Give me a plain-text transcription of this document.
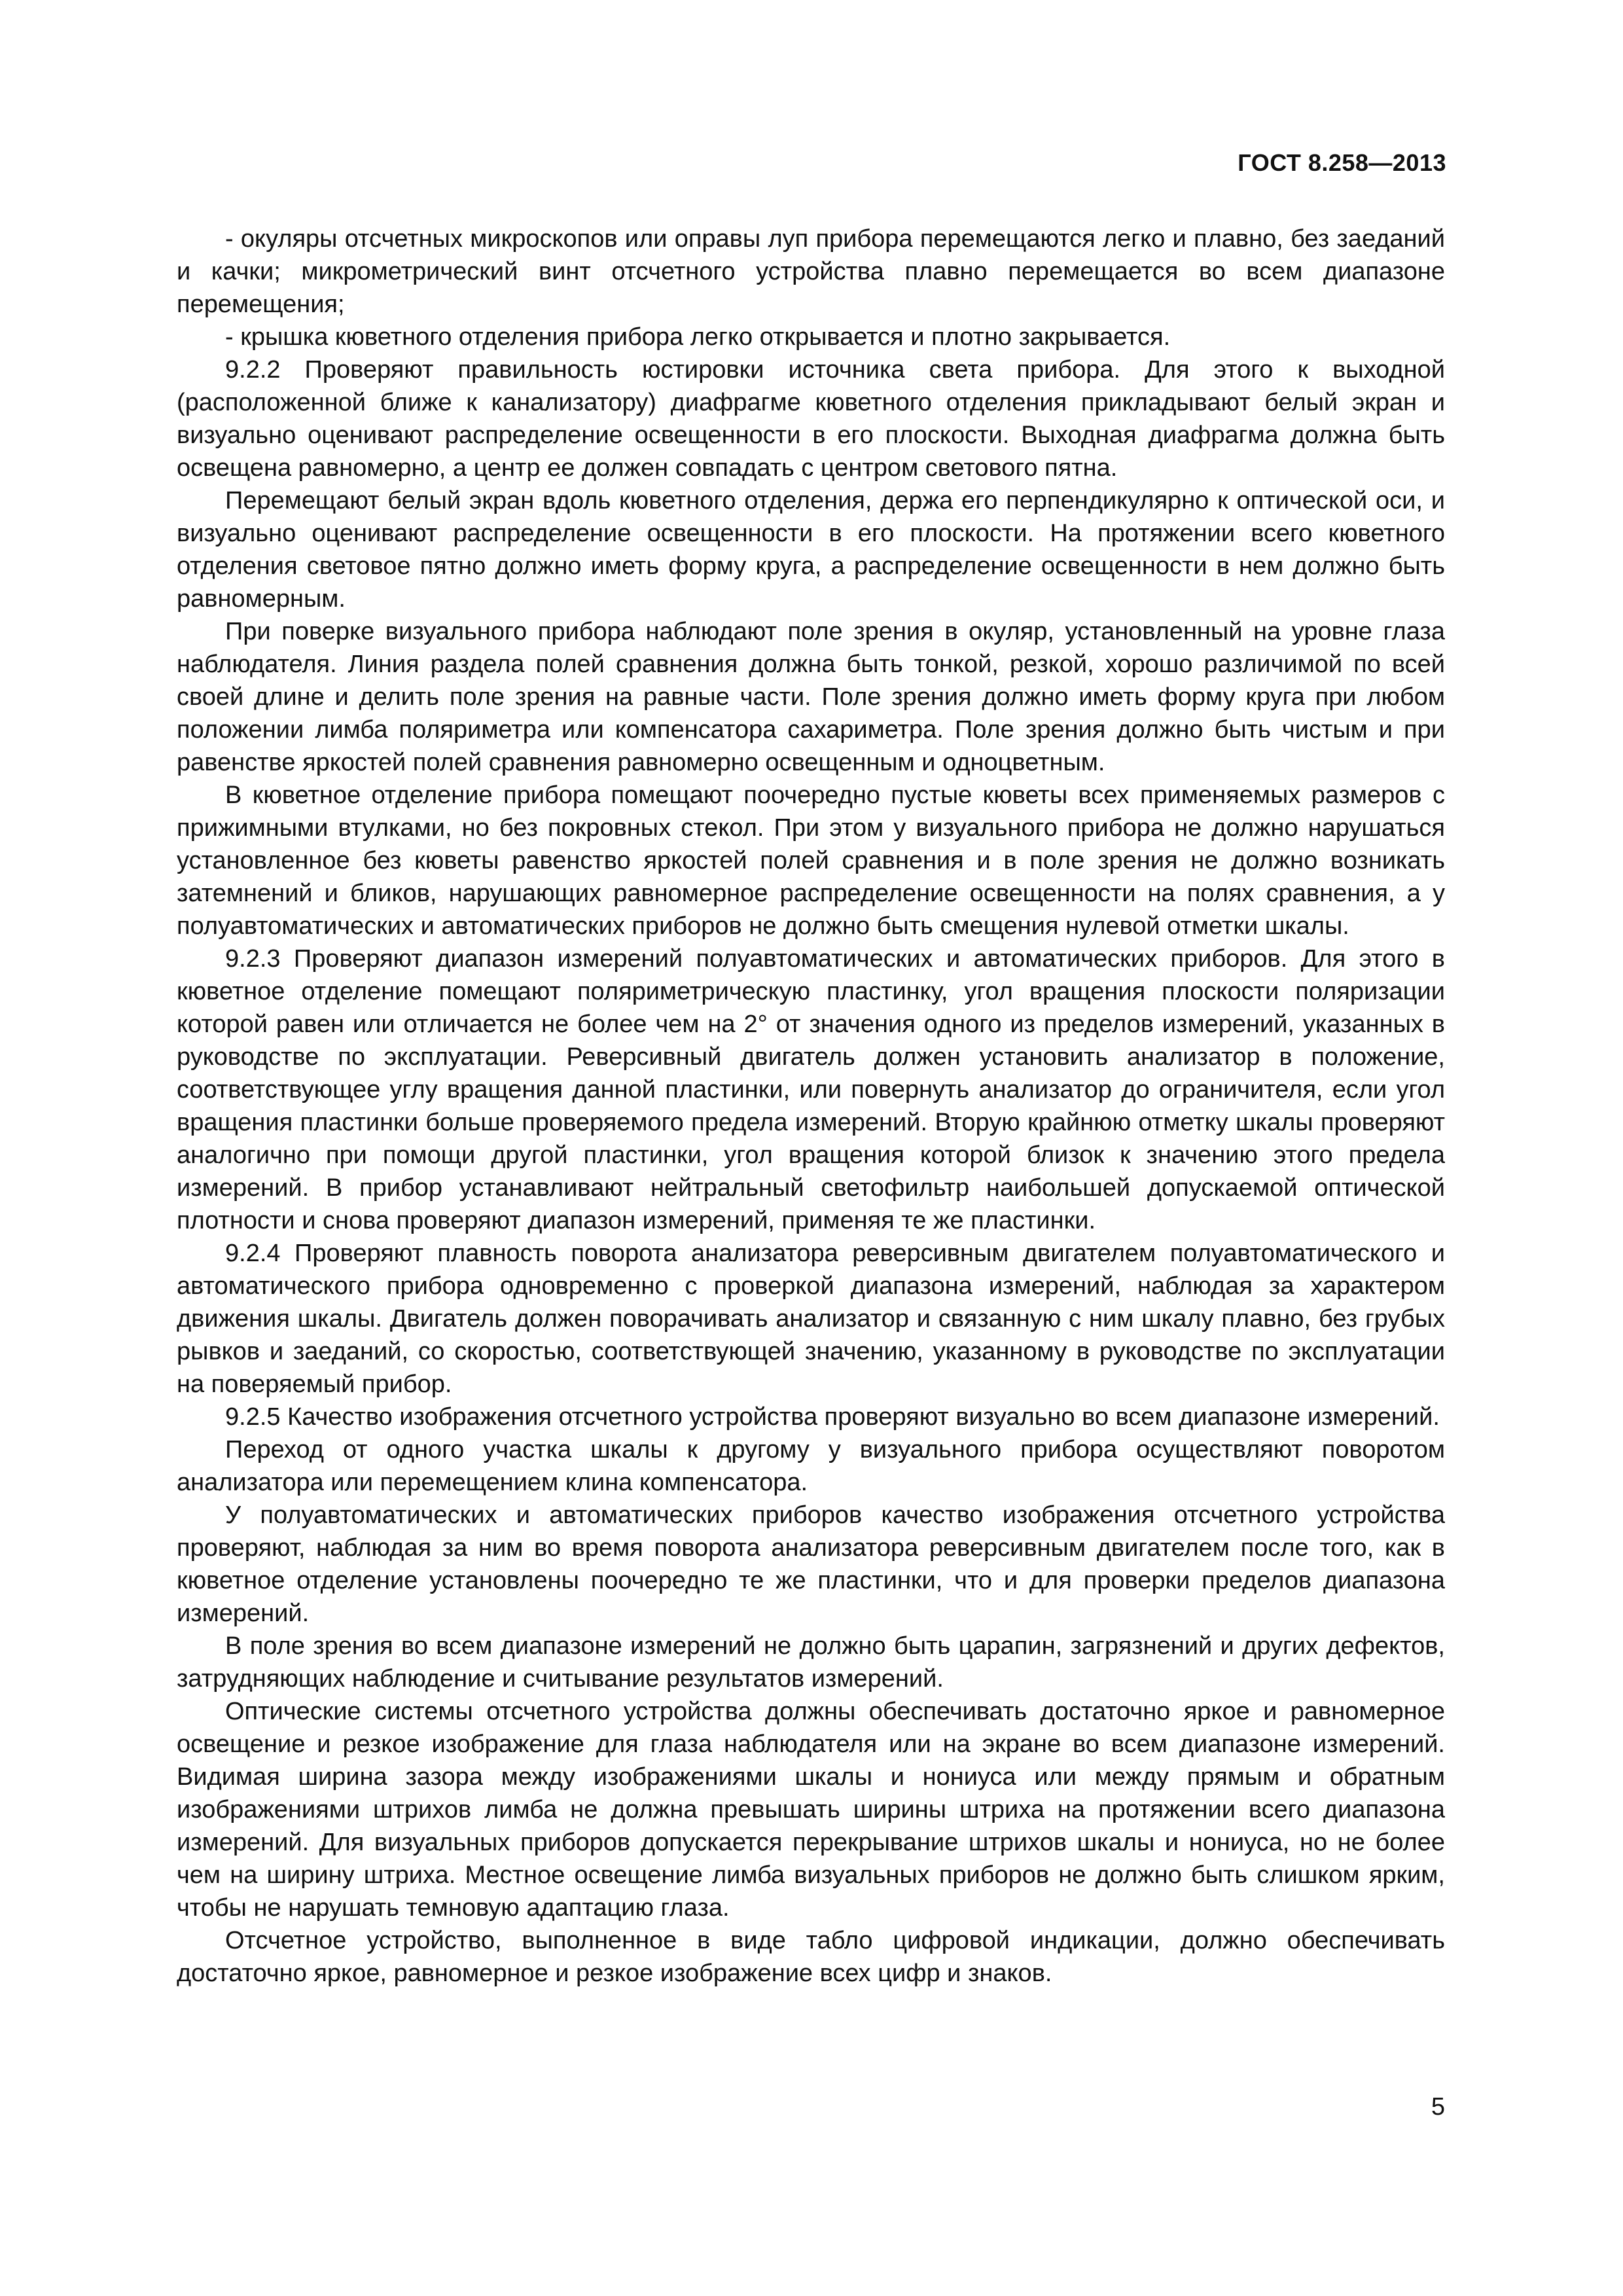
ГОСТ 8.258—2013

- окуляры отсчетных микроскопов или оправы луп прибора перемещаются легко и плавно, без заеданий и качки; микрометрический винт отсчетного устройства плавно перемещается во всем диапазоне перемещения;

- крышка кюветного отделения прибора легко открывается и плотно закрывается.

9.2.2 Проверяют правильность юстировки источника света прибора. Для этого к выходной (расположенной ближе к канализатору) диафрагме кюветного отделения прикладывают белый экран и визуально оценивают распределение освещенности в его плоскости. Выходная диафрагма должна быть освещена равномерно, а центр ее должен совпадать с центром светового пятна.

Перемещают белый экран вдоль кюветного отделения, держа его перпендикулярно к оптической оси, и визуально оценивают распределение освещенности в его плоскости. На протяжении всего кюветного отделения световое пятно должно иметь форму круга, а распределение освещенности в нем должно быть равномерным.

При поверке визуального прибора наблюдают поле зрения в окуляр, установленный на уровне глаза наблюдателя. Линия раздела полей сравнения должна быть тонкой, резкой, хорошо различимой по всей своей длине и делить поле зрения на равные части. Поле зрения должно иметь форму круга при любом положении лимба поляриметра или компенсатора сахариметра. Поле зрения должно быть чистым и при равенстве яркостей полей сравнения равномерно освещенным и одноцветным.

В кюветное отделение прибора помещают поочередно пустые кюветы всех применяемых размеров с прижимными втулками, но без покровных стекол. При этом у визуального прибора не должно нарушаться установленное без кюветы равенство яркостей полей сравнения и в поле зрения не должно возникать затемнений и бликов, нарушающих равномерное распределение освещенности на полях сравнения, а у полуавтоматических и автоматических приборов не должно быть смещения нулевой отметки шкалы.

9.2.3 Проверяют диапазон измерений полуавтоматических и автоматических приборов. Для этого в кюветное отделение помещают поляриметрическую пластинку, угол вращения плоскости поляризации которой равен или отличается не более чем на 2° от значения одного из пределов измерений, указанных в руководстве по эксплуатации. Реверсивный двигатель должен установить анализатор в положение, соответствующее углу вращения данной пластинки, или повернуть анализатор до ограничителя, если угол вращения пластинки больше проверяемого предела измерений. Вторую крайнюю отметку шкалы проверяют аналогично при помощи другой пластинки, угол вращения которой близок к значению этого предела измерений. В прибор устанавливают нейтральный светофильтр наибольшей допускаемой оптической плотности и снова проверяют диапазон измерений, применяя те же пластинки.

9.2.4 Проверяют плавность поворота анализатора реверсивным двигателем полуавтоматического и автоматического прибора одновременно с проверкой диапазона измерений, наблюдая за характером движения шкалы. Двигатель должен поворачивать анализатор и связанную с ним шкалу плавно, без грубых рывков и заеданий, со скоростью, соответствующей значению, указанному в руководстве по эксплуатации на поверяемый прибор.

9.2.5 Качество изображения отсчетного устройства проверяют визуально во всем диапазоне измерений.

Переход от одного участка шкалы к другому у визуального прибора осуществляют поворотом анализатора или перемещением клина компенсатора.

У полуавтоматических и автоматических приборов качество изображения отсчетного устройства проверяют, наблюдая за ним во время поворота анализатора реверсивным двигателем после того, как в кюветное отделение установлены поочередно те же пластинки, что и для проверки пределов диапазона измерений.

В поле зрения во всем диапазоне измерений не должно быть царапин, загрязнений и других дефектов, затрудняющих наблюдение и считывание результатов измерений.

Оптические системы отсчетного устройства должны обеспечивать достаточно яркое и равномерное освещение и резкое изображение для глаза наблюдателя или на экране во всем диапазоне измерений. Видимая ширина зазора между изображениями шкалы и нониуса или между прямым и обратным изображениями штрихов лимба не должна превышать ширины штриха на протяжении всего диапазона измерений. Для визуальных приборов допускается перекрывание штрихов шкалы и нониуса, но не более чем на ширину штриха. Местное освещение лимба визуальных приборов не должно быть слишком ярким, чтобы не нарушать темновую адаптацию глаза.

Отсчетное устройство, выполненное в виде табло цифровой индикации, должно обеспечивать достаточно яркое, равномерное и резкое изображение всех цифр и знаков.

5
